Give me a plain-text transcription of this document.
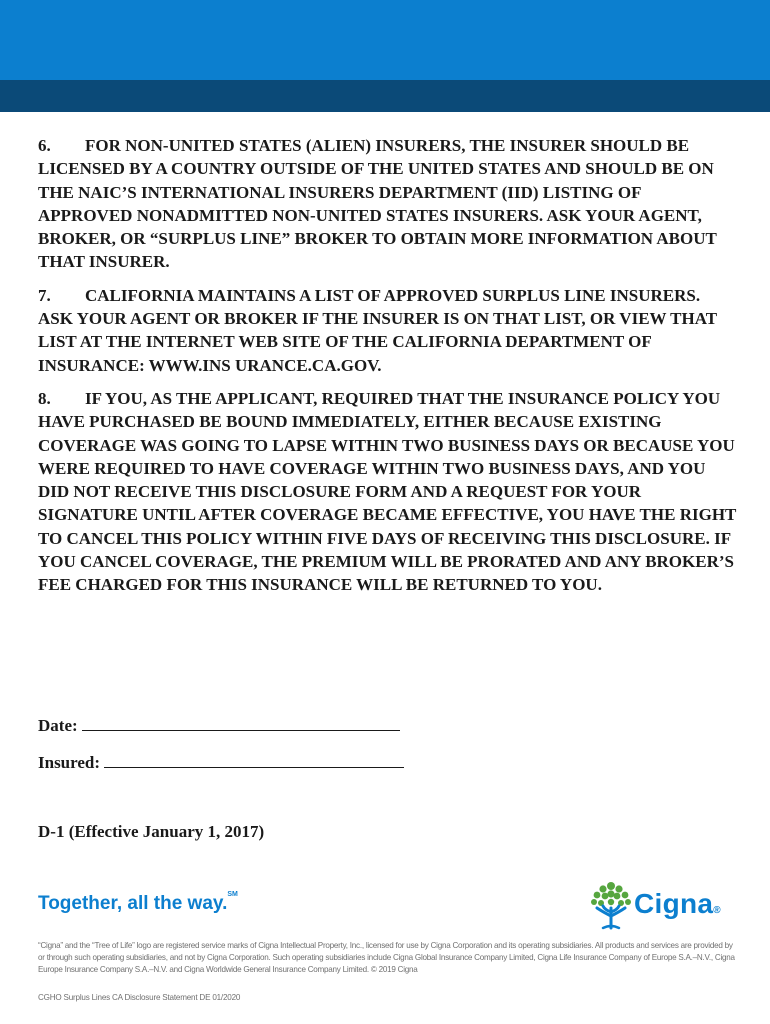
6. FOR NON-UNITED STATES (ALIEN) INSURERS, THE INSURER SHOULD BE LICENSED BY A COUNTRY OUTSIDE OF THE UNITED STATES AND SHOULD BE ON THE NAIC’S INTERNATIONAL INSURERS DEPARTMENT (IID) LISTING OF APPROVED NONADMITTED NON-UNITED STATES INSURERS. ASK YOUR AGENT, BROKER, OR “SURPLUS LINE” BROKER TO OBTAIN MORE INFORMATION ABOUT THAT INSURER.

7. CALIFORNIA MAINTAINS A LIST OF APPROVED SURPLUS LINE INSURERS. ASK YOUR AGENT OR BROKER IF THE INSURER IS ON THAT LIST, OR VIEW THAT LIST AT THE INTERNET WEB SITE OF THE CALIFORNIA DEPARTMENT OF INSURANCE: WWW.INS URANCE.CA.GOV.

8. IF YOU, AS THE APPLICANT, REQUIRED THAT THE INSURANCE POLICY YOU HAVE PURCHASED BE BOUND IMMEDIATELY, EITHER BECAUSE EXISTING COVERAGE WAS GOING TO LAPSE WITHIN TWO BUSINESS DAYS OR BECAUSE YOU WERE REQUIRED TO HAVE COVERAGE WITHIN TWO BUSINESS DAYS, AND YOU DID NOT RECEIVE THIS DISCLOSURE FORM AND A REQUEST FOR YOUR SIGNATURE UNTIL AFTER COVERAGE BECAME EFFECTIVE, YOU HAVE THE RIGHT TO CANCEL THIS POLICY WITHIN FIVE DAYS OF RECEIVING THIS DISCLOSURE. IF YOU CANCEL COVERAGE, THE PREMIUM WILL BE PRORATED AND ANY BROKER’S FEE CHARGED FOR THIS INSURANCE WILL BE RETURNED TO YOU.

Date:
Insured:
D-1 (Effective January 1, 2017)
Together, all the way.℠	Cigna®
“Cigna” and the “Tree of Life” logo are registered service marks of Cigna Intellectual Property, Inc., licensed for use by Cigna Corporation and its operating subsidiaries. All products and services are provided by or through such operating subsidiaries, and not by Cigna Corporation. Such operating subsidiaries include Cigna Global Insurance Company Limited, Cigna Life Insurance Company of Europe S.A.–N.V., Cigna Europe Insurance Company S.A.–N.V. and Cigna Worldwide General Insurance Company Limited. © 2019 Cigna
CGHO Surplus Lines CA Disclosure Statement DE 01/2020
